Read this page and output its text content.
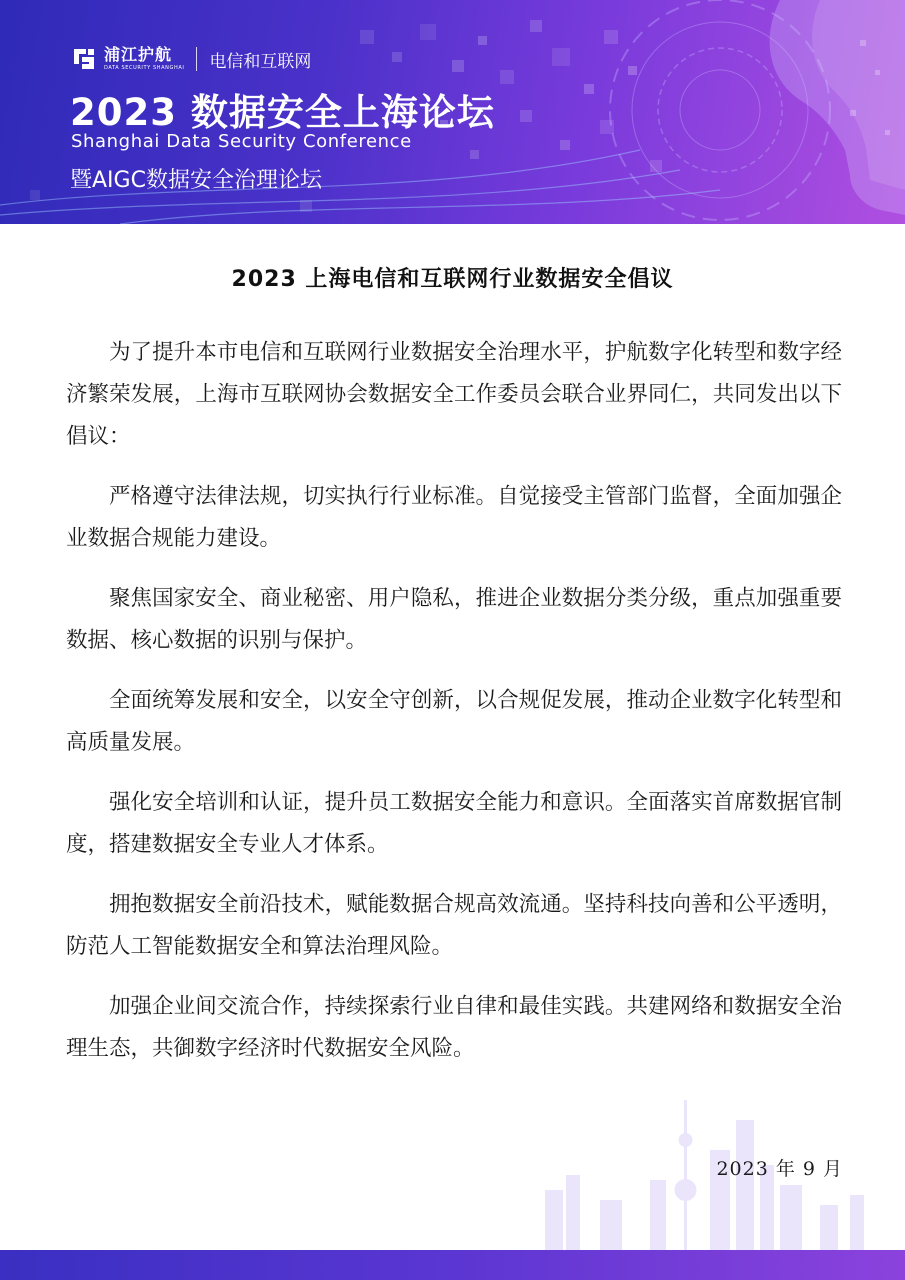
浦江护航
DATA SECURITY SHANGHAI 电信和互联网
2023 数据安全上海论坛
Shanghai Data Security Conference
暨AIGC数据安全治理论坛
2023 上海电信和互联网行业数据安全倡议

为了提升本市电信和互联网行业数据安全治理水平，护航数字化转型和数字经济繁荣发展，上海市互联网协会数据安全工作委员会联合业界同仁，共同发出以下倡议：

严格遵守法律法规，切实执行行业标准。自觉接受主管部门监督，全面加强企业数据合规能力建设。

聚焦国家安全、商业秘密、用户隐私，推进企业数据分类分级，重点加强重要数据、核心数据的识别与保护。

全面统筹发展和安全，以安全守创新，以合规促发展，推动企业数字化转型和高质量发展。

强化安全培训和认证，提升员工数据安全能力和意识。全面落实首席数据官制度，搭建数据安全专业人才体系。

拥抱数据安全前沿技术，赋能数据合规高效流通。坚持科技向善和公平透明，防范人工智能数据安全和算法治理风险。

加强企业间交流合作，持续探索行业自律和最佳实践。共建网络和数据安全治理生态，共御数字经济时代数据安全风险。

2023 年 9 月
